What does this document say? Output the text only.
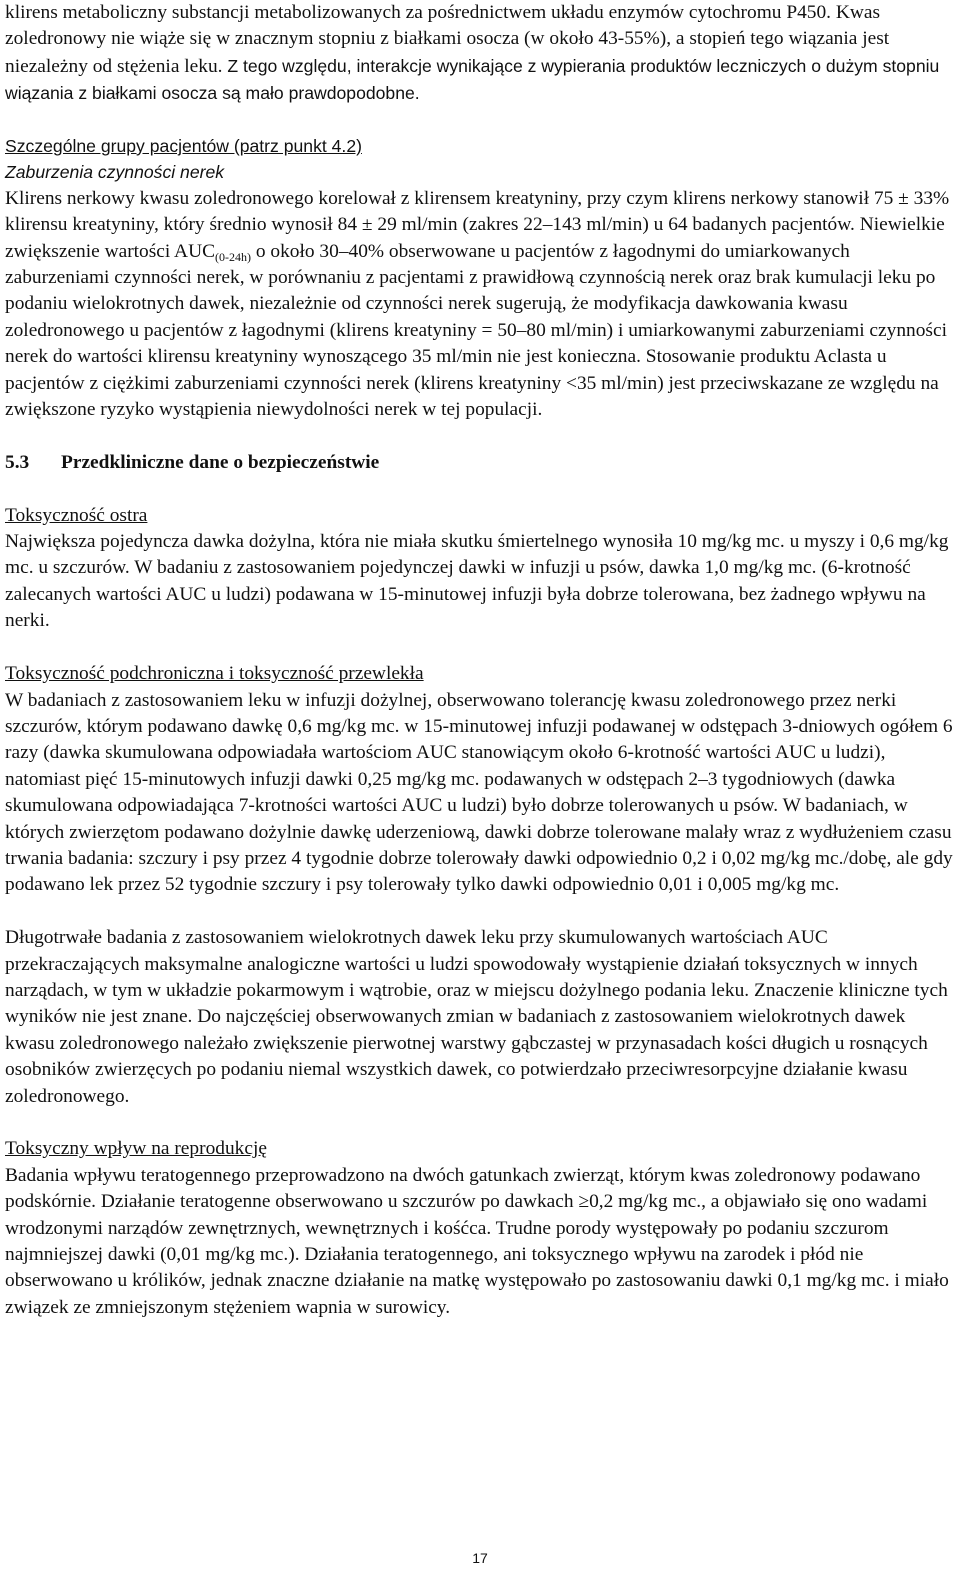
klirens metaboliczny substancji metabolizowanych za pośrednictwem układu enzymów cytochromu P450. Kwas zoledronowy nie wiąże się w znacznym stopniu z białkami osocza (w około 43-55%), a stopień tego wiązania jest niezależny od stężenia leku. Z tego względu, interakcje wynikające z wypierania produktów leczniczych o dużym stopniu wiązania z białkami osocza są mało prawdopodobne.

Szczególne grupy pacjentów (patrz punkt 4.2)

Zaburzenia czynności nerek

Klirens nerkowy kwasu zoledronowego korelował z klirensem kreatyniny, przy czym klirens nerkowy stanowił 75 ± 33% klirensu kreatyniny, który średnio wynosił 84 ± 29 ml/min (zakres 22–143 ml/min) u 64 badanych pacjentów. Niewielkie zwiększenie wartości $AUC_{(0-24h)}$ o około 30–40% obserwowane u pacjentów z łagodnymi do umiarkowanych zaburzeniami czynności nerek, w porównaniu z pacjentami z prawidłową czynnością nerek oraz brak kumulacji leku po podaniu wielokrotnych dawek, niezależnie od czynności nerek sugerują, że modyfikacja dawkowania kwasu zoledronowego u pacjentów z łagodnymi (klirens kreatyniny = 50–80 ml/min) i umiarkowanymi zaburzeniami czynności nerek do wartości klirensu kreatyniny wynoszącego 35 ml/min nie jest konieczna. Stosowanie produktu Aclasta u pacjentów z ciężkimi zaburzeniami czynności nerek (klirens kreatyniny <35 ml/min) jest przeciwskazane ze względu na zwiększone ryzyko wystąpienia niewydolności nerek w tej populacji.

5.3 Przedkliniczne dane o bezpieczeństwie

Toksyczność ostra

Największa pojedyncza dawka dożylna, która nie miała skutku śmiertelnego wynosiła 10 mg/kg mc. u myszy i 0,6 mg/kg mc. u szczurów. W badaniu z zastosowaniem pojedynczej dawki w infuzji u psów, dawka 1,0 mg/kg mc. (6-krotność zalecanych wartości AUC u ludzi) podawana w 15-minutowej infuzji była dobrze tolerowana, bez żadnego wpływu na nerki.

Toksyczność podchroniczna i toksyczność przewlekła

W badaniach z zastosowaniem leku w infuzji dożylnej, obserwowano tolerancję kwasu zoledronowego przez nerki szczurów, którym podawano dawkę 0,6 mg/kg mc. w 15-minutowej infuzji podawanej w odstępach 3-dniowych ogółem 6 razy (dawka skumulowana odpowiadała wartościom AUC stanowiącym około 6-krotność wartości AUC u ludzi), natomiast pięć 15-minutowych infuzji dawki 0,25 mg/kg mc. podawanych w odstępach 2–3 tygodniowych (dawka skumulowana odpowiadająca 7-krotności wartości AUC u ludzi) było dobrze tolerowanych u psów. W badaniach, w których zwierzętom podawano dożylnie dawkę uderzeniową, dawki dobrze tolerowane malały wraz z wydłużeniem czasu trwania badania: szczury i psy przez 4 tygodnie dobrze tolerowały dawki odpowiednio 0,2 i 0,02 mg/kg mc./dobę, ale gdy podawano lek przez 52 tygodnie szczury i psy tolerowały tylko dawki odpowiednio 0,01 i 0,005 mg/kg mc.

Długotrwałe badania z zastosowaniem wielokrotnych dawek leku przy skumulowanych wartościach AUC przekraczających maksymalne analogiczne wartości u ludzi spowodowały wystąpienie działań toksycznych w innych narządach, w tym w układzie pokarmowym i wątrobie, oraz w miejscu dożylnego podania leku. Znaczenie kliniczne tych wyników nie jest znane. Do najczęściej obserwowanych zmian w badaniach z zastosowaniem wielokrotnych dawek kwasu zoledronowego należało zwiększenie pierwotnej warstwy gąbczastej w przynasadach kości długich u rosnących osobników zwierzęcych po podaniu niemal wszystkich dawek, co potwierdzało przeciwresorpcyjne działanie kwasu zoledronowego.

Toksyczny wpływ na reprodukcję

Badania wpływu teratogennego przeprowadzono na dwóch gatunkach zwierząt, którym kwas zoledronowy podawano podskórnie. Działanie teratogenne obserwowano u szczurów po dawkach ≥0,2 mg/kg mc., a objawiało się ono wadami wrodzonymi narządów zewnętrznych, wewnętrznych i kośćca. Trudne porody występowały po podaniu szczurom najmniejszej dawki (0,01 mg/kg mc.). Działania teratogennego, ani toksycznego wpływu na zarodek i płód nie obserwowano u królików, jednak znaczne działanie na matkę występowało po zastosowaniu dawki 0,1 mg/kg mc. i miało związek ze zmniejszonym stężeniem wapnia w surowicy.

17
